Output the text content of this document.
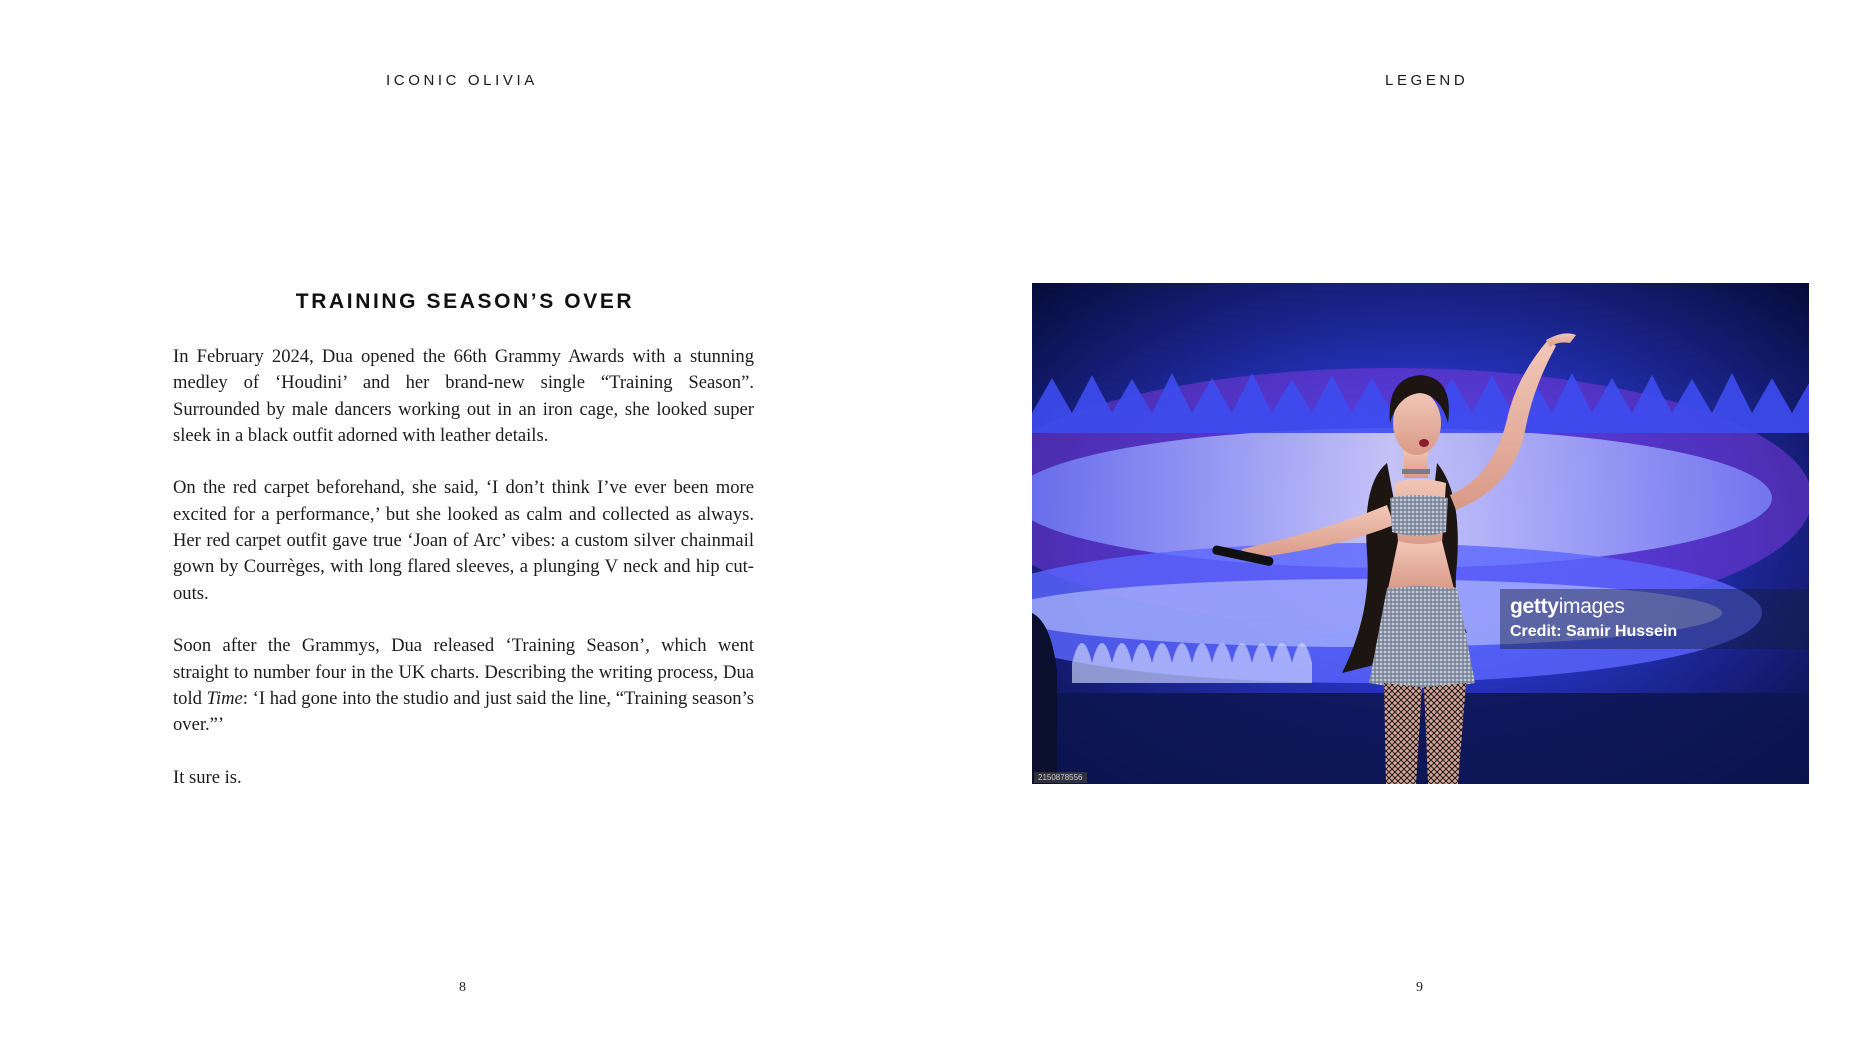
ICONIC OLIVIA
TRAINING SEASON’S OVER

In February 2024, Dua opened the 66th Grammy Awards with a stunning medley of ‘Houdini’ and her brand-new single “Training Season”. Surrounded by male dancers working out in an iron cage, she looked super sleek in a black outfit adorned with leather details.

On the red carpet beforehand, she said, ‘I don’t think I’ve ever been more excited for a performance,’ but she looked as calm and collected as always. Her red carpet outfit gave true ‘Joan of Arc’ vibes: a custom silver chainmail gown by Courrèges, with long flared sleeves, a plunging V neck and hip cut-outs.

Soon after the Grammys, Dua released ‘Training Season’, which went straight to number four in the UK charts. Describing the writing process, Dua told Time: ‘I had gone into the studio and just said the line, “Training season’s over.”’

It sure is.

8
LEGEND
gettyimages
Credit: Samir Hussein
2150878556
9
